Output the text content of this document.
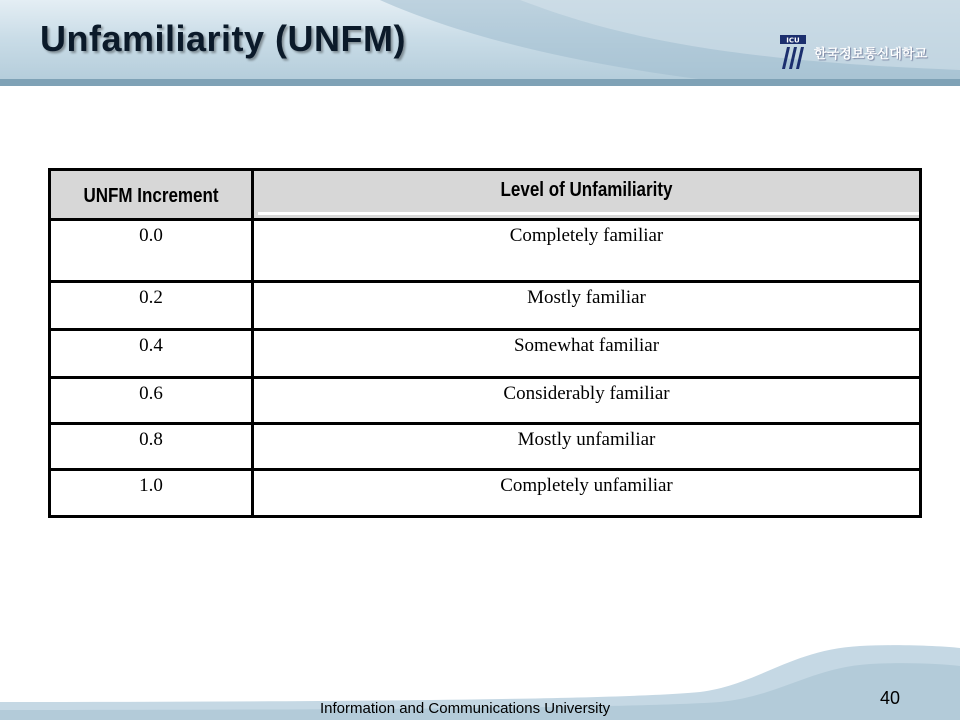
Unfamiliarity (UNFM)	ICU
한국정보통신대학교
UNFM Increment	Level of Unfamiliarity
0.0	Completely familiar
0.2	Mostly familiar
0.4	Somewhat familiar
0.6	Considerably familiar
0.8	Mostly unfamiliar
1.0	Completely unfamiliar
Information and Communications University
40
